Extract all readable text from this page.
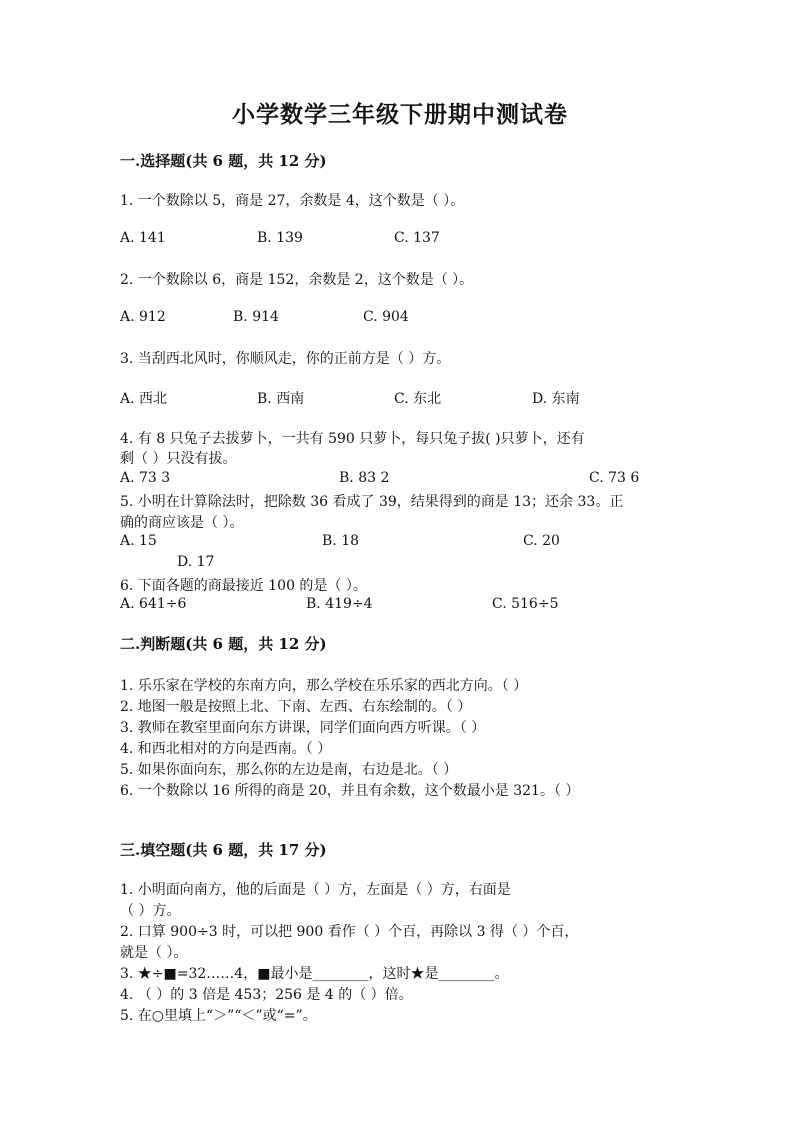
小学数学三年级下册期中测试卷
一.选择题(共 6 题，共 12 分)
1. 一个数除以 5，商是 27，余数是 4，这个数是（ ）。
A. 141	B. 139	C. 137
2. 一个数除以 6，商是 152，余数是 2，这个数是（ ）。
A. 912	B. 914	C. 904
3. 当刮西北风时，你顺风走，你的正前方是（ ）方。
A. 西北	B. 西南	C. 东北	D. 东南
4. 有 8 只兔子去拔萝卜，一共有 590 只萝卜，每只兔子拔( )只萝卜，还有
剩（ ）只没有拔。
A. 73 3	B. 83 2	C. 73 6
5. 小明在计算除法时，把除数 36 看成了 39，结果得到的商是 13；还余 33。正
确的商应该是（ ）。
A. 15	B. 18	C. 20
D. 17
6. 下面各题的商最接近 100 的是（ ）。
A. 641÷6	B. 419÷4	C. 516÷5
二.判断题(共 6 题，共 12 分)
1. 乐乐家在学校的东南方向，那么学校在乐乐家的西北方向。（ ）
2. 地图一般是按照上北、下南、左西、右东绘制的。（ ）
3. 教师在教室里面向东方讲课，同学们面向西方听课。（ ）
4. 和西北相对的方向是西南。（ ）
5. 如果你面向东，那么你的左边是南，右边是北。（ ）
6. 一个数除以 16 所得的商是 20，并且有余数，这个数最小是 321。（ ）
三.填空题(共 6 题，共 17 分)
1. 小明面向南方，他的后面是（ ）方，左面是（ ）方，右面是
（ ）方。
2. 口算 900÷3 时，可以把 900 看作（ ）个百，再除以 3 得（ ）个百，
就是（ ）。
3. ★÷■=32……4，■最小是________，这时★是________。
4. （ ）的 3 倍是 453；256 是 4 的（ ）倍。
5. 在○里填上“＞”“＜”或“=”。
